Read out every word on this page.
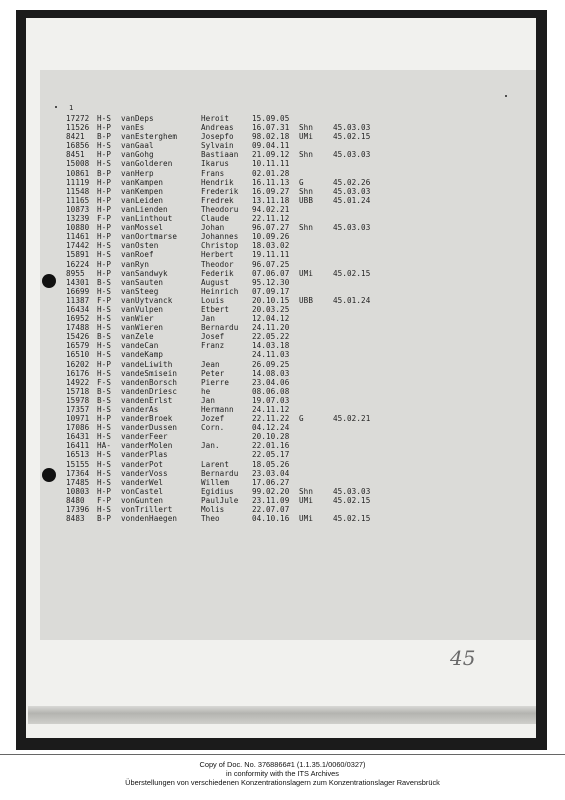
1
17272 H-S vanDeps	Heroit	15.09.05
11526 H-P vanEs	Andreas 16.07.31 Shn	45.03.03
8421 B-P vanEsterghem	Josepfo 98.02.18 UMi	45.02.15
16856 H-S vanGaal	Sylvain 09.04.11
8451 H-P vanGohg	Bastiaan 21.09.12 Shn	45.03.03
15008 H-S vanGolderen	Ikarus	10.11.11
10861 B-P vanHerp	Frans	02.01.28
11119 H-P vanKampen	Hendrik 16.11.13 G	45.02.26
11548 H-P vanKempen	Frederik 16.09.27 Shn	45.03.03
11165 H-P vanLeiden	Fredrek 13.11.18 UBB	45.01.24
10873 H-P vanLienden	Theodoru 94.02.21
13239 F-P vanLinthout	Claude	22.11.12
10880 H-P vanMossel	Johan	96.07.27 Shn	45.03.03
11461 H-P vanOortmarse	Johannes 10.09.26
17442 H-S vanOsten	Christop 18.03.02
15891 H-S vanRoef	Herbert 19.11.11
16224 H-P vanRyn	Theodor 96.07.25
8955 H-P vanSandwyk	Federik 07.06.07 UMi	45.02.15
14301 B-S vanSauten	August	95.12.30
16699 H-S vanSteeg	Heinrich 07.09.17
11387 F-P vanUytvanck	Louis	20.10.15 UBB	45.01.24
16434 H-S vanVulpen	Etbert	20.03.25
16952 H-S vanWier	Jan	12.04.12
17488 H-S vanWieren	Bernardu 24.11.20
15426 B-S vanZele	Josef	22.05.22
16579 H-S vandeCan	Franz	14.03.18
16510 H-S vandeKamp	24.11.03
16202 H-P vandeLiwith	Jean	26.09.25
16176 H-S vandeSmisein	Peter	14.08.03
14922 F-S vandenBorsch	Pierre	23.04.06
15718 B-S vandenDriesc	he	08.06.08
15978 B-S vandenErlst	Jan	19.07.03
17357 H-S vanderAs	Hermann 24.11.12
10971 H-P vanderBroek	Jozef	22.11.22 G	45.02.21
17086 H-S vanderDussen	Corn.	04.12.24
16431 H-S vanderFeer	20.10.28
16411 HA- vanderMolen	Jan.	22.01.16
16513 H-S vanderPlas	22.05.17
15155 H-S vanderPot	Larent	18.05.26
17364 H-S vanderVoss	Bernardu 23.03.04
17485 H-S vanderWel	Willem	17.06.27
10803 H-P vonCastel	Egidius 99.02.20 Shn	45.03.03
8480 F-P vonGunten	PaulJule 23.11.09 UMi	45.02.15
17396 H-S vonTrillert	Molis	22.07.07
8483 B-P vondenHaegen	Theo	04.10.16 UMi	45.02.15
45
Copy of Doc. No. 3768866#1 (1.1.35.1/0060/0327)
in conformity with the ITS Archives
Überstellungen von verschiedenen Konzentrationslagern zum Konzentrationslager Ravensbrück
